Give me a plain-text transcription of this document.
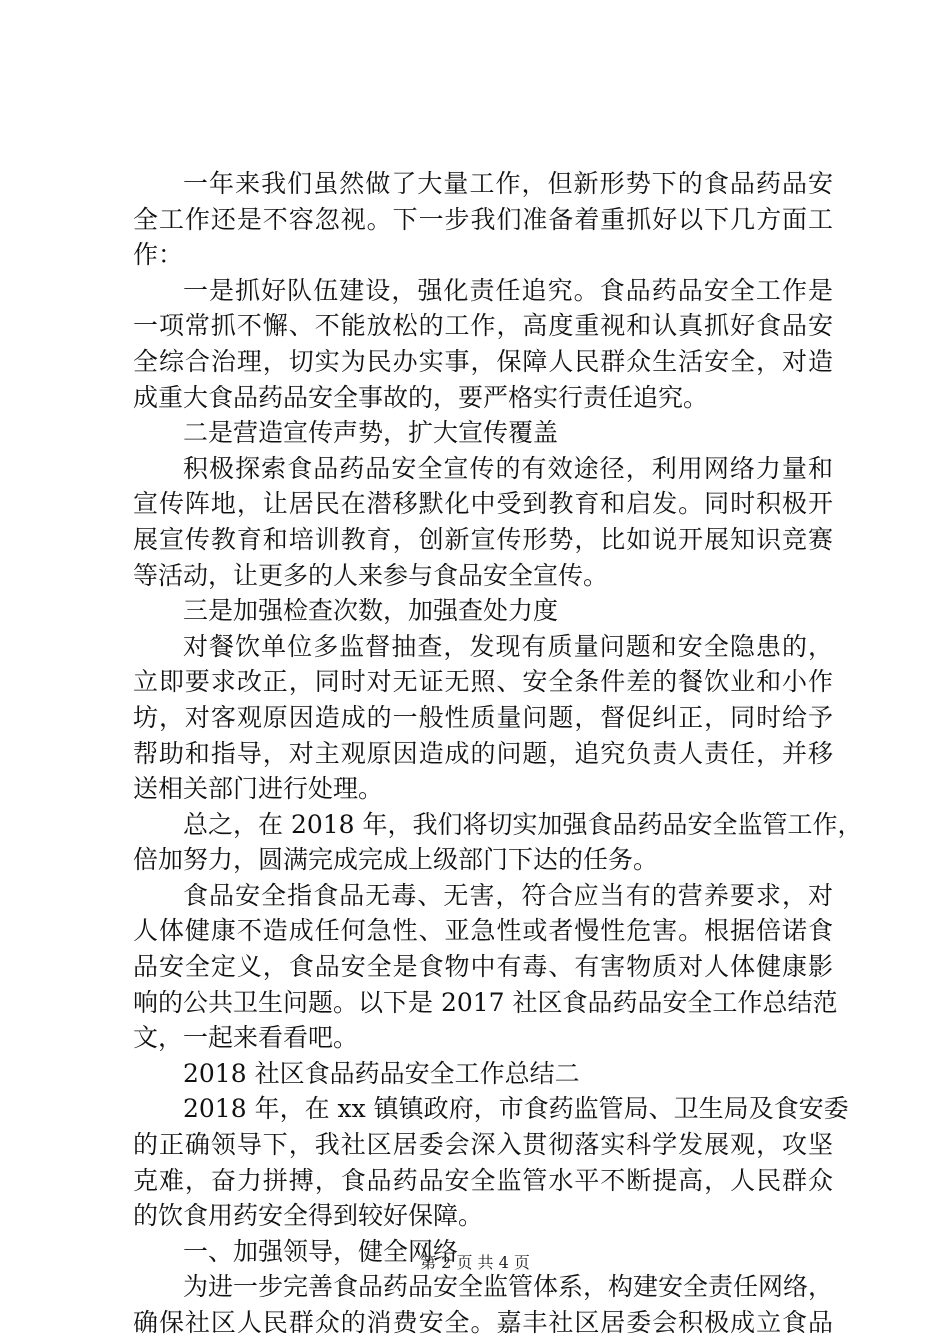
一年来我们虽然做了大量工作，但新形势下的食品药品安
全工作还是不容忽视。下一步我们准备着重抓好以下几方面工
作：
一是抓好队伍建设，强化责任追究。食品药品安全工作是
一项常抓不懈、不能放松的工作，高度重视和认真抓好食品安
全综合治理，切实为民办实事，保障人民群众生活安全，对造
成重大食品药品安全事故的，要严格实行责任追究。
二是营造宣传声势，扩大宣传覆盖
积极探索食品药品安全宣传的有效途径，利用网络力量和
宣传阵地，让居民在潜移默化中受到教育和启发。同时积极开
展宣传教育和培训教育，创新宣传形势，比如说开展知识竞赛
等活动，让更多的人来参与食品安全宣传。
三是加强检查次数，加强查处力度
对餐饮单位多监督抽查，发现有质量问题和安全隐患的，
立即要求改正，同时对无证无照、安全条件差的餐饮业和小作
坊，对客观原因造成的一般性质量问题，督促纠正，同时给予
帮助和指导，对主观原因造成的问题，追究负责人责任，并移
送相关部门进行处理。
总之，在 2018 年，我们将切实加强食品药品安全监管工作，
倍加努力，圆满完成完成上级部门下达的任务。
食品安全指食品无毒、无害，符合应当有的营养要求，对
人体健康不造成任何急性、亚急性或者慢性危害。根据倍诺食
品安全定义，食品安全是食物中有毒、有害物质对人体健康影
响的公共卫生问题。以下是 2017 社区食品药品安全工作总结范
文，一起来看看吧。
2018 社区食品药品安全工作总结二
2018 年，在 xx 镇镇政府，市食药监管局、卫生局及食安委
的正确领导下，我社区居委会深入贯彻落实科学发展观，攻坚
克难，奋力拼搏，食品药品安全监管水平不断提高，人民群众
的饮食用药安全得到较好保障。
一、加强领导，健全网络
为进一步完善食品药品安全监管体系，构建安全责任网络，
确保社区人民群众的消费安全。嘉丰社区居委会积极成立食品
第 2 页 共 4 页
